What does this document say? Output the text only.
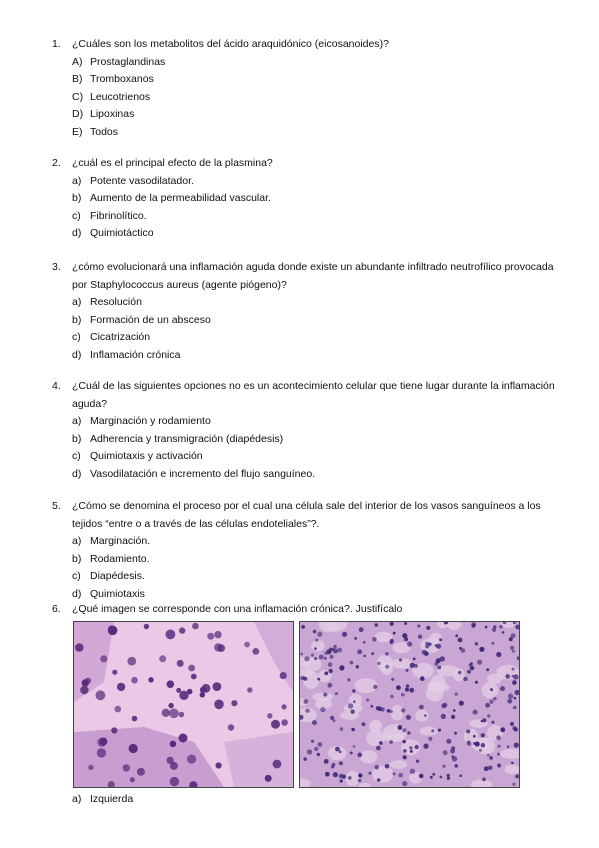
1. ¿Cuáles son los metabolitos del ácido araquidónico (eicosanoides)?
A) Prostaglandinas
B) Tromboxanos
C) Leucotrienos
D) Lipoxinas
E) Todos
2. ¿cuál es el principal efecto de la plasmina?
a) Potente vasodilatador.
b) Aumento de la permeabilidad vascular.
c) Fibrinolítico.
d) Quimiotáctico
3. ¿cómo evolucionará una inflamación aguda donde existe un abundante infiltrado neutrofílico provocada por Staphylococcus aureus (agente piógeno)?
a) Resolución
b) Formación de un absceso
c) Cicatrización
d) Inflamación crónica
4. ¿Cuál de las siguientes opciones no es un acontecimiento celular que tiene lugar durante la inflamación aguda?
a) Marginación y rodamiento
b) Adherencia y transmigración (diapédesis)
c) Quimiotaxis y activación
d) Vasodilatación e incremento del flujo sanguíneo.
5. ¿Cómo se denomina el proceso por el cual una célula sale del interior de los vasos sanguíneos a los tejidos “entre o a través de las células endoteliales”?.
a) Marginación.
b) Rodamiento.
c) Diapédesis.
d) Quimiotaxis
6. ¿Qué imagen se corresponde con una inflamación crónica?. Justifícalo
a) Izquierda
